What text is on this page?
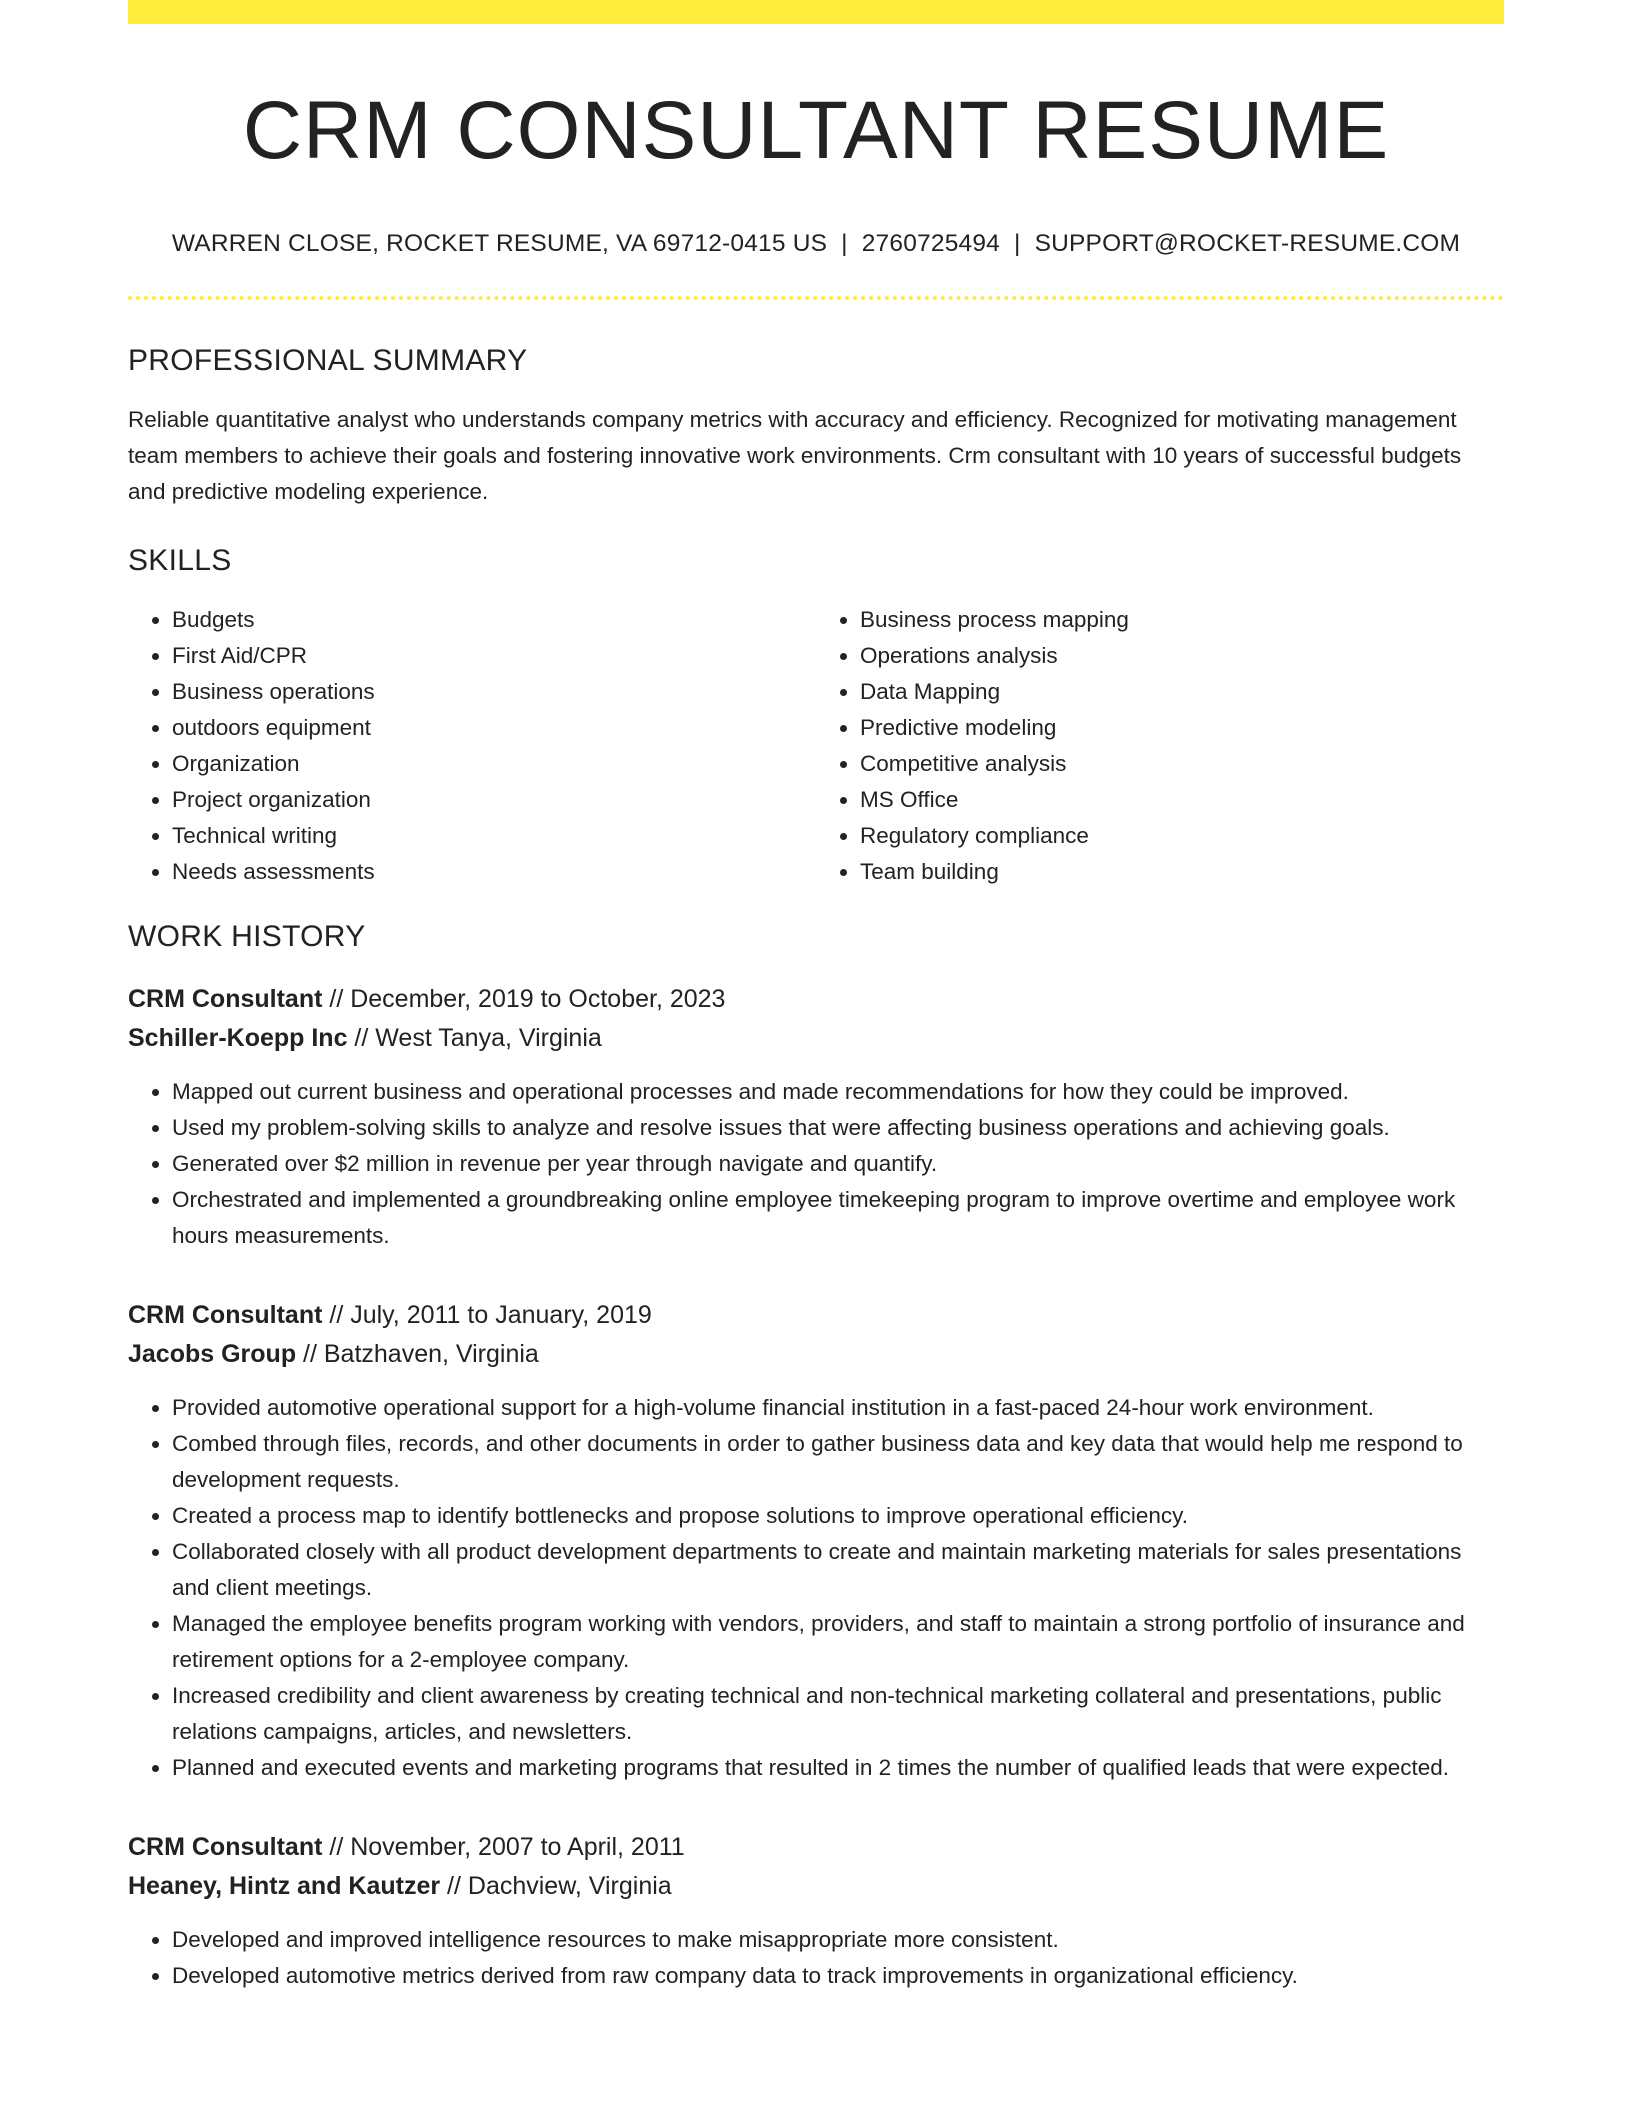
CRM CONSULTANT RESUME
WARREN CLOSE, ROCKET RESUME, VA 69712-0415 US | 2760725494 | SUPPORT@ROCKET-RESUME.COM
PROFESSIONAL SUMMARY

Reliable quantitative analyst who understands company metrics with accuracy and efficiency. Recognized for motivating management team members to achieve their goals and fostering innovative work environments. Crm consultant with 10 years of successful budgets and predictive modeling experience.

SKILLS
• Budgets
• First Aid/CPR
• Business operations
• outdoors equipment
• Organization
• Project organization
• Technical writing
• Needs assessments
• Business process mapping
• Operations analysis
• Data Mapping
• Predictive modeling
• Competitive analysis
• MS Office
• Regulatory compliance
• Team building
WORK HISTORY
CRM Consultant // December, 2019 to October, 2023
Schiller-Koepp Inc // West Tanya, Virginia
• Mapped out current business and operational processes and made recommendations for how they could be improved.
• Used my problem-solving skills to analyze and resolve issues that were affecting business operations and achieving goals.
• Generated over $2 million in revenue per year through navigate and quantify.
• Orchestrated and implemented a groundbreaking online employee timekeeping program to improve overtime and employee work hours measurements.
CRM Consultant // July, 2011 to January, 2019
Jacobs Group // Batzhaven, Virginia
• Provided automotive operational support for a high-volume financial institution in a fast-paced 24-hour work environment.
• Combed through files, records, and other documents in order to gather business data and key data that would help me respond to development requests.
• Created a process map to identify bottlenecks and propose solutions to improve operational efficiency.
• Collaborated closely with all product development departments to create and maintain marketing materials for sales presentations and client meetings.
• Managed the employee benefits program working with vendors, providers, and staff to maintain a strong portfolio of insurance and retirement options for a 2-employee company.
• Increased credibility and client awareness by creating technical and non-technical marketing collateral and presentations, public relations campaigns, articles, and newsletters.
• Planned and executed events and marketing programs that resulted in 2 times the number of qualified leads that were expected.
CRM Consultant // November, 2007 to April, 2011
Heaney, Hintz and Kautzer // Dachview, Virginia
• Developed and improved intelligence resources to make misappropriate more consistent.
• Developed automotive metrics derived from raw company data to track improvements in organizational efficiency.
